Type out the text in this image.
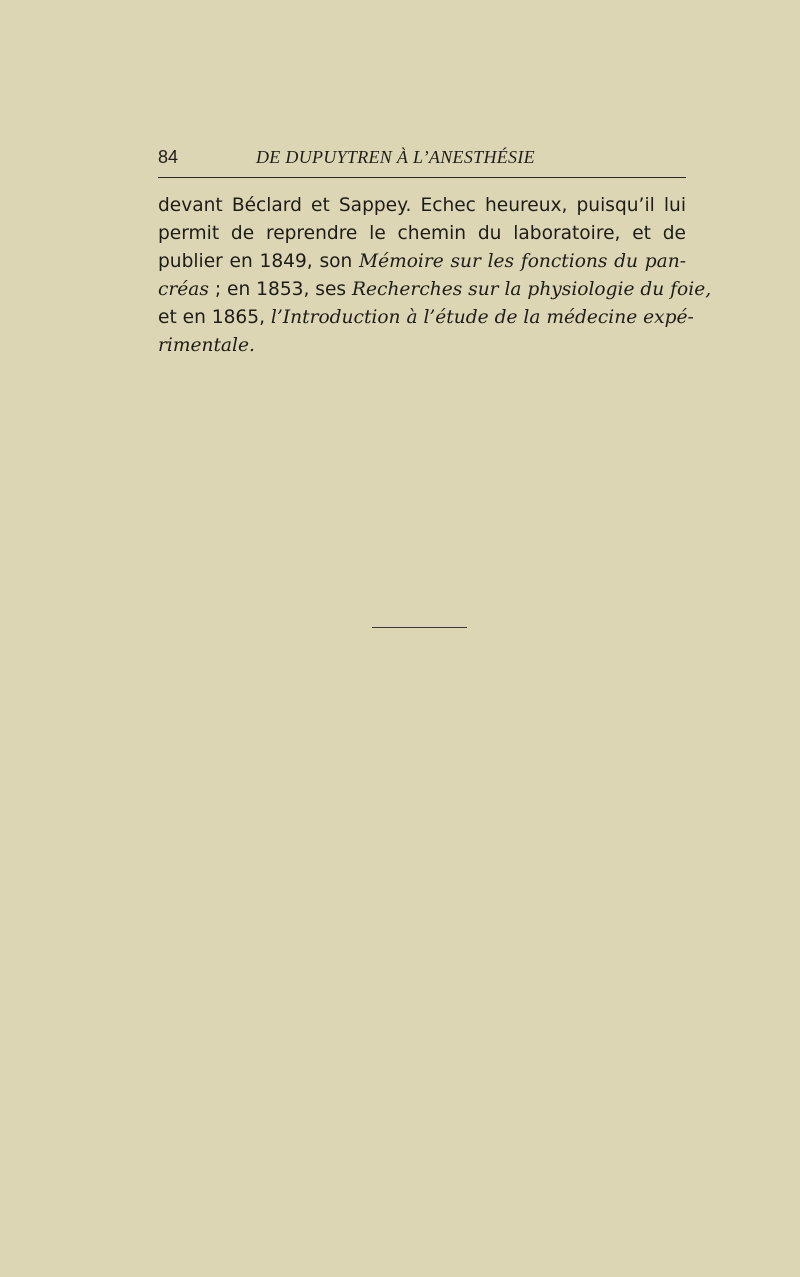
84	DE DUPUYTREN À L’ANESTHÉSIE
devant Béclard et Sappey. Echec heureux, puisqu’il lui
permit de reprendre le chemin du laboratoire, et de
publier en 1849, son Mémoire sur les fonctions du pan-
créas ; en 1853, ses Recherches sur la physiologie du foie,
et en 1865, l’Introduction à l’étude de la médecine expé-
rimentale.
